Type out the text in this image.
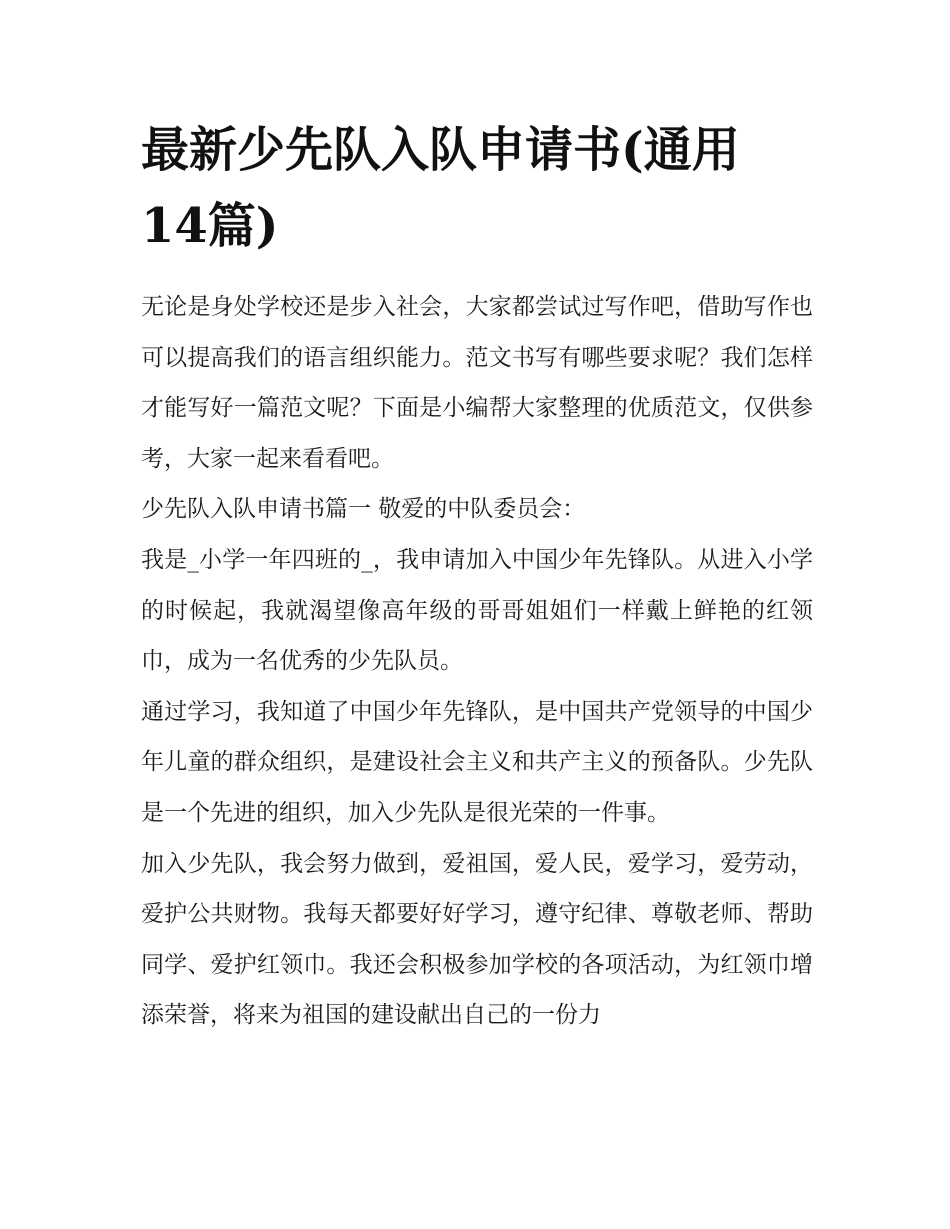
最新少先队入队申请书(通用14篇)

无论是身处学校还是步入社会，大家都尝试过写作吧，借助写作也可以提高我们的语言组织能力。范文书写有哪些要求呢？我们怎样才能写好一篇范文呢？下面是小编帮大家整理的优质范文，仅供参考，大家一起来看看吧。

少先队入队申请书篇一 敬爱的中队委员会：

我是_小学一年四班的_，我申请加入中国少年先锋队。从进入小学的时候起，我就渴望像高年级的哥哥姐姐们一样戴上鲜艳的红领巾，成为一名优秀的少先队员。

通过学习，我知道了中国少年先锋队，是中国共产党领导的中国少年儿童的群众组织，是建设社会主义和共产主义的预备队。少先队是一个先进的组织，加入少先队是很光荣的一件事。

加入少先队，我会努力做到，爱祖国，爱人民，爱学习，爱劳动，爱护公共财物。我每天都要好好学习，遵守纪律、尊敬老师、帮助同学、爱护红领巾。我还会积极参加学校的各项活动，为红领巾增添荣誉，将来为祖国的建设献出自己的一份力
